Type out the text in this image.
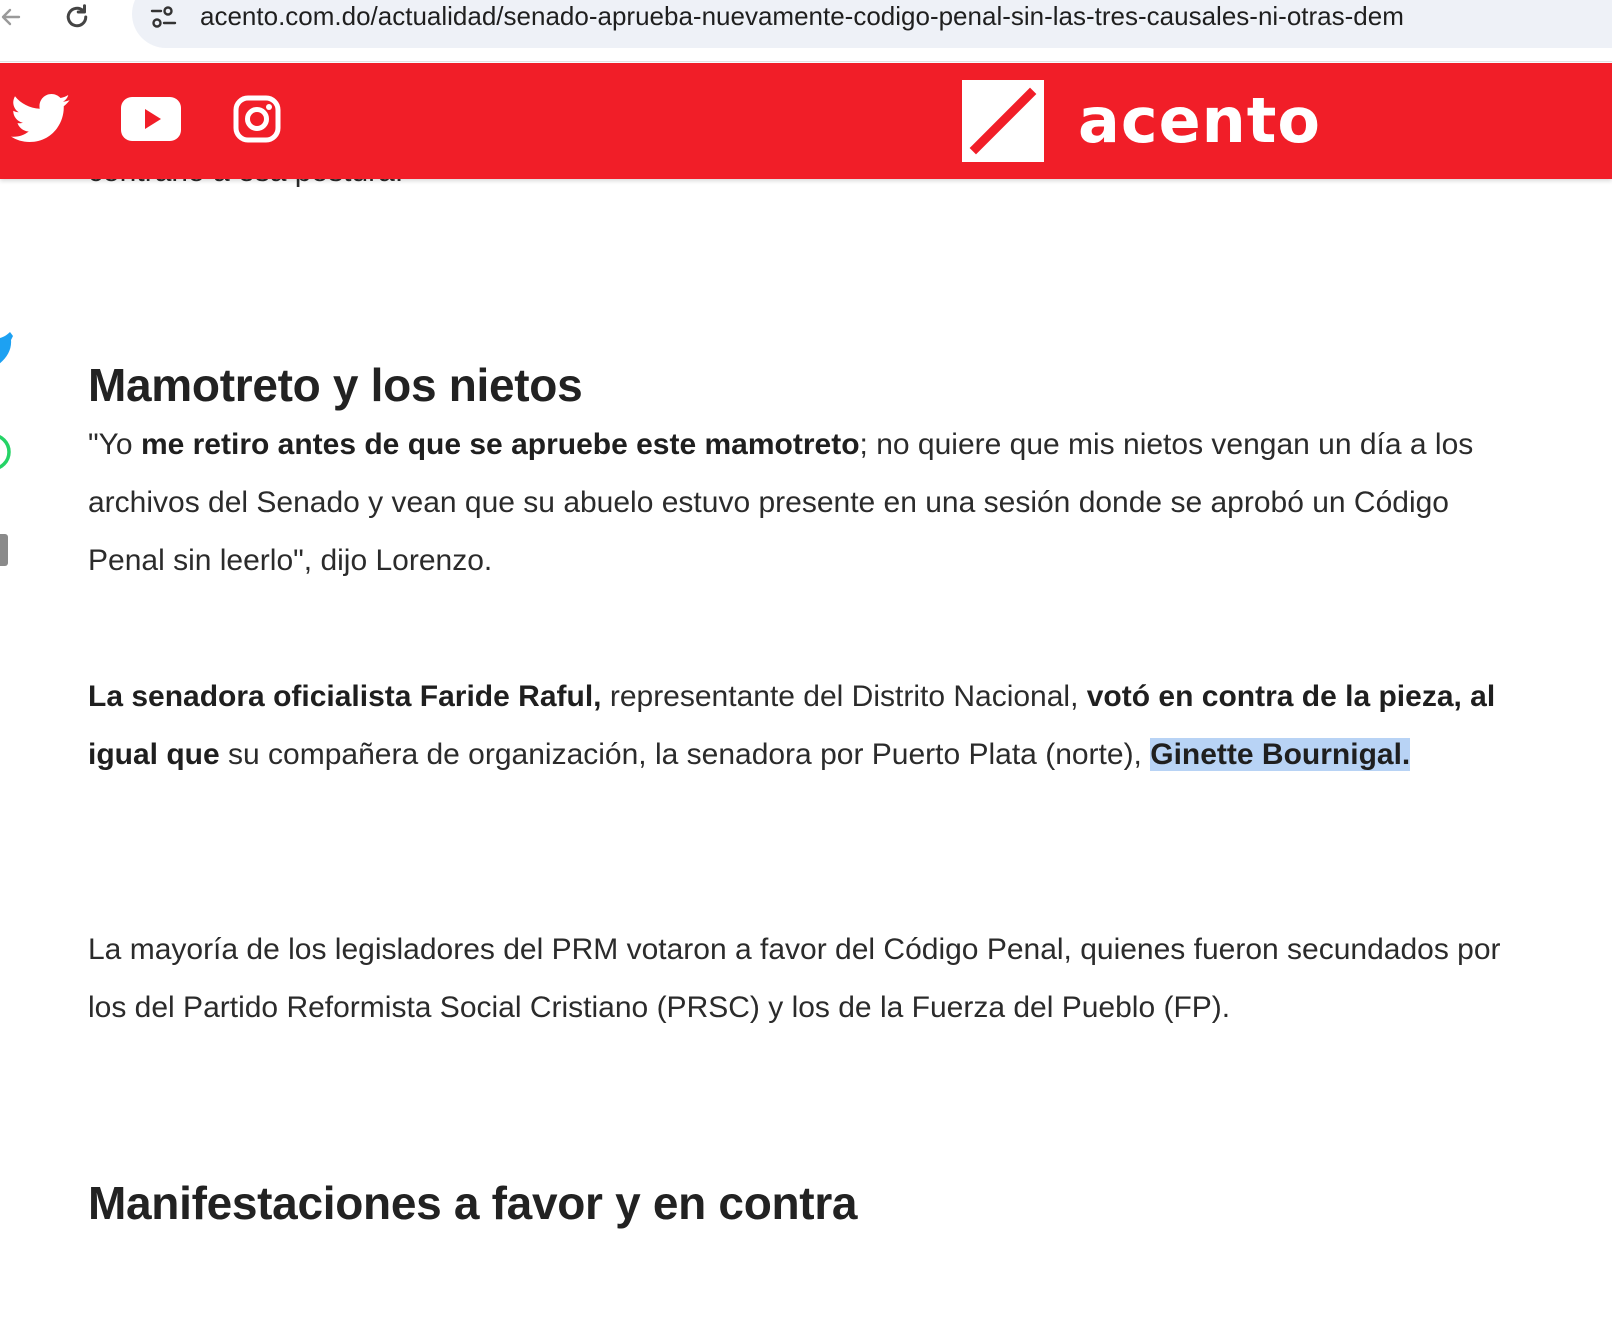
acento.com.do/actualidad/senado-aprueba-nuevamente-codigo-penal-sin-las-tres-causales-ni-otras-dem
acento
Mamotreto y los nietos

"Yo me retiro antes de que se apruebe este mamotreto; no quiere que mis nietos vengan un día a los archivos del Senado y vean que su abuelo estuvo presente en una sesión donde se aprobó un Código Penal sin leerlo", dijo Lorenzo.

La senadora oficialista Faride Raful, representante del Distrito Nacional, votó en contra de la pieza, al igual que su compañera de organización, la senadora por Puerto Plata (norte), Ginette Bournigal.

La mayoría de los legisladores del PRM votaron a favor del Código Penal, quienes fueron secundados por los del Partido Reformista Social Cristiano (PRSC) y los de la Fuerza del Pueblo (FP).

Manifestaciones a favor y en contra
